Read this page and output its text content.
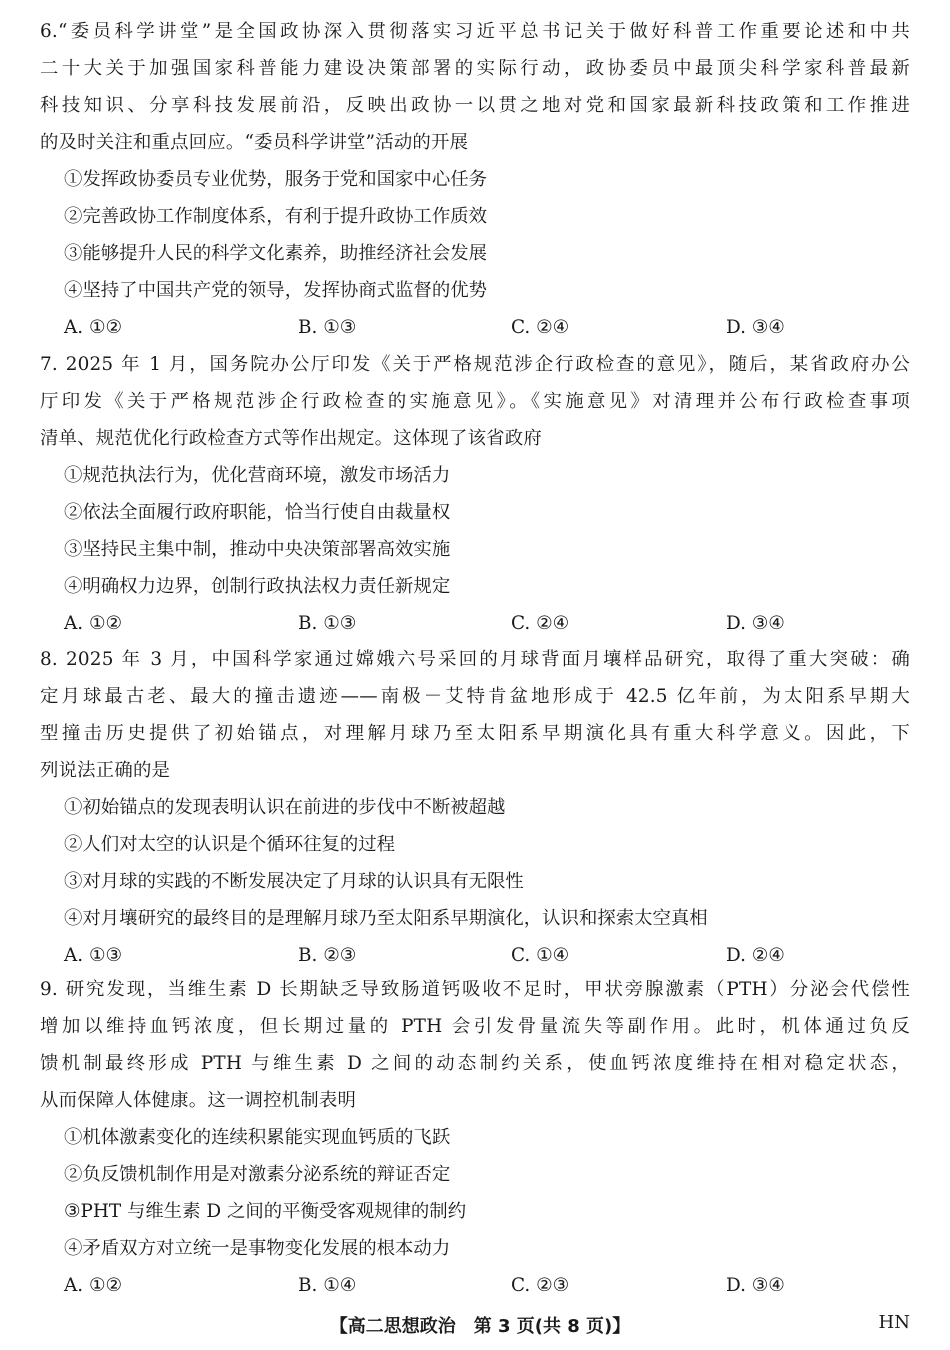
6.“委员科学讲堂”是全国政协深入贯彻落实习近平总书记关于做好科普工作重要论述和中共
二十大关于加强国家科普能力建设决策部署的实际行动，政协委员中最顶尖科学家科普最新
科技知识、分享科技发展前沿，反映出政协一以贯之地对党和国家最新科技政策和工作推进
的及时关注和重点回应。“委员科学讲堂”活动的开展
①发挥政协委员专业优势，服务于党和国家中心任务
②完善政协工作制度体系，有利于提升政协工作质效
③能够提升人民的科学文化素养，助推经济社会发展
④坚持了中国共产党的领导，发挥协商式监督的优势
A. ①②	B. ①③	C. ②④	D. ③④
7. 2025 年 1 月，国务院办公厅印发《关于严格规范涉企行政检查的意见》，随后，某省政府办公
厅印发《关于严格规范涉企行政检查的实施意见》。《实施意见》对清理并公布行政检查事项
清单、规范优化行政检查方式等作出规定。这体现了该省政府
①规范执法行为，优化营商环境，激发市场活力
②依法全面履行政府职能，恰当行使自由裁量权
③坚持民主集中制，推动中央决策部署高效实施
④明确权力边界，创制行政执法权力责任新规定
A. ①②	B. ①③	C. ②④	D. ③④
8. 2025 年 3 月，中国科学家通过嫦娥六号采回的月球背面月壤样品研究，取得了重大突破：确
定月球最古老、最大的撞击遗迹——南极－艾特肯盆地形成于 42.5 亿年前，为太阳系早期大
型撞击历史提供了初始锚点，对理解月球乃至太阳系早期演化具有重大科学意义。因此，下
列说法正确的是
①初始锚点的发现表明认识在前进的步伐中不断被超越
②人们对太空的认识是个循环往复的过程
③对月球的实践的不断发展决定了月球的认识具有无限性
④对月壤研究的最终目的是理解月球乃至太阳系早期演化，认识和探索太空真相
A. ①③	B. ②③	C. ①④	D. ②④
9. 研究发现，当维生素 D 长期缺乏导致肠道钙吸收不足时，甲状旁腺激素（PTH）分泌会代偿性
增加以维持血钙浓度，但长期过量的 PTH 会引发骨量流失等副作用。此时，机体通过负反
馈机制最终形成 PTH 与维生素 D 之间的动态制约关系，使血钙浓度维持在相对稳定状态，
从而保障人体健康。这一调控机制表明
①机体激素变化的连续积累能实现血钙质的飞跃
②负反馈机制作用是对激素分泌系统的辩证否定
③PHT 与维生素 D 之间的平衡受客观规律的制约
④矛盾双方对立统一是事物变化发展的根本动力
A. ①②	B. ①④	C. ②③	D. ③④
【高二思想政治　第 3 页(共 8 页)】	HN
